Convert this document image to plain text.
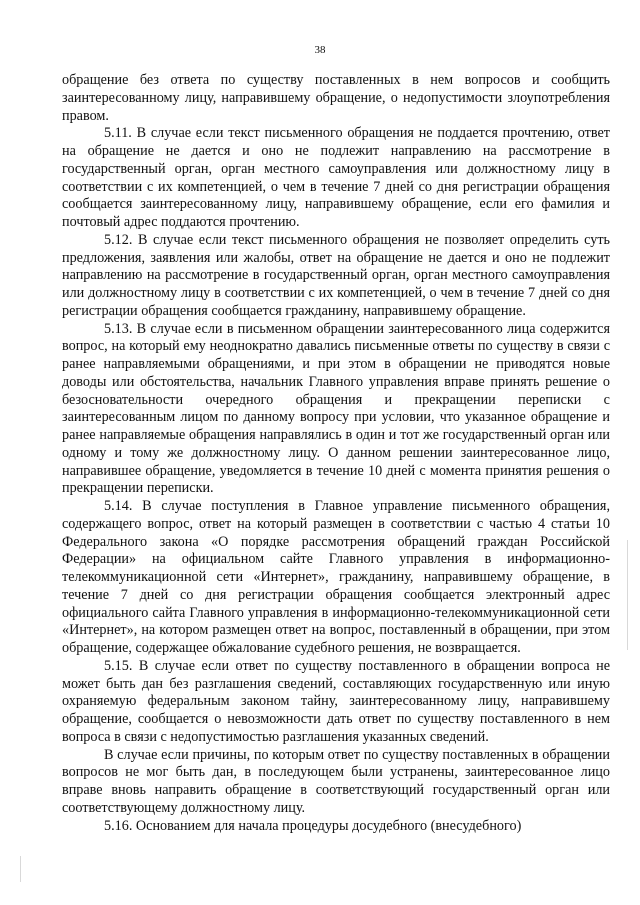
38

обращение без ответа по существу поставленных в нем вопросов и сообщить заинтересованному лицу, направившему обращение, о недопустимости злоупотребления правом.

5.11. В случае если текст письменного обращения не поддается прочтению, ответ на обращение не дается и оно не подлежит направлению на рассмотрение в государственный орган, орган местного самоуправления или должностному лицу в соответствии с их компетенцией, о чем в течение 7 дней со дня регистрации обращения сообщается заинтересованному лицу, направившему обращение, если его фамилия и почтовый адрес поддаются прочтению.

5.12. В случае если текст письменного обращения не позволяет определить суть предложения, заявления или жалобы, ответ на обращение не дается и оно не подлежит направлению на рассмотрение в государственный орган, орган местного самоуправления или должностному лицу в соответствии с их компетенцией, о чем в течение 7 дней со дня регистрации обращения сообщается гражданину, направившему обращение.

5.13. В случае если в письменном обращении заинтересованного лица содержится вопрос, на который ему неоднократно давались письменные ответы по существу в связи с ранее направляемыми обращениями, и при этом в обращении не приводятся новые доводы или обстоятельства, начальник Главного управления вправе принять решение о безосновательности очередного обращения и прекращении переписки с заинтересованным лицом по данному вопросу при условии, что указанное обращение и ранее направляемые обращения направлялись в один и тот же государственный орган или одному и тому же должностному лицу. О данном решении заинтересованное лицо, направившее обращение, уведомляется в течение 10 дней с момента принятия решения о прекращении переписки.

5.14. В случае поступления в Главное управление письменного обращения, содержащего вопрос, ответ на который размещен в соответствии с частью 4 статьи 10 Федерального закона «О порядке рассмотрения обращений граждан Российской Федерации» на официальном сайте Главного управления в информационно-телекоммуникационной сети «Интернет», гражданину, направившему обращение, в течение 7 дней со дня регистрации обращения сообщается электронный адрес официального сайта Главного управления в информационно-телекоммуникационной сети «Интернет», на котором размещен ответ на вопрос, поставленный в обращении, при этом обращение, содержащее обжалование судебного решения, не возвращается.

5.15. В случае если ответ по существу поставленного в обращении вопроса не может быть дан без разглашения сведений, составляющих государственную или иную охраняемую федеральным законом тайну, заинтересованному лицу, направившему обращение, сообщается о невозможности дать ответ по существу поставленного в нем вопроса в связи с недопустимостью разглашения указанных сведений.

В случае если причины, по которым ответ по существу поставленных в обращении вопросов не мог быть дан, в последующем были устранены, заинтересованное лицо вправе вновь направить обращение в соответствующий государственный орган или соответствующему должностному лицу.

5.16. Основанием для начала процедуры досудебного (внесудебного)
